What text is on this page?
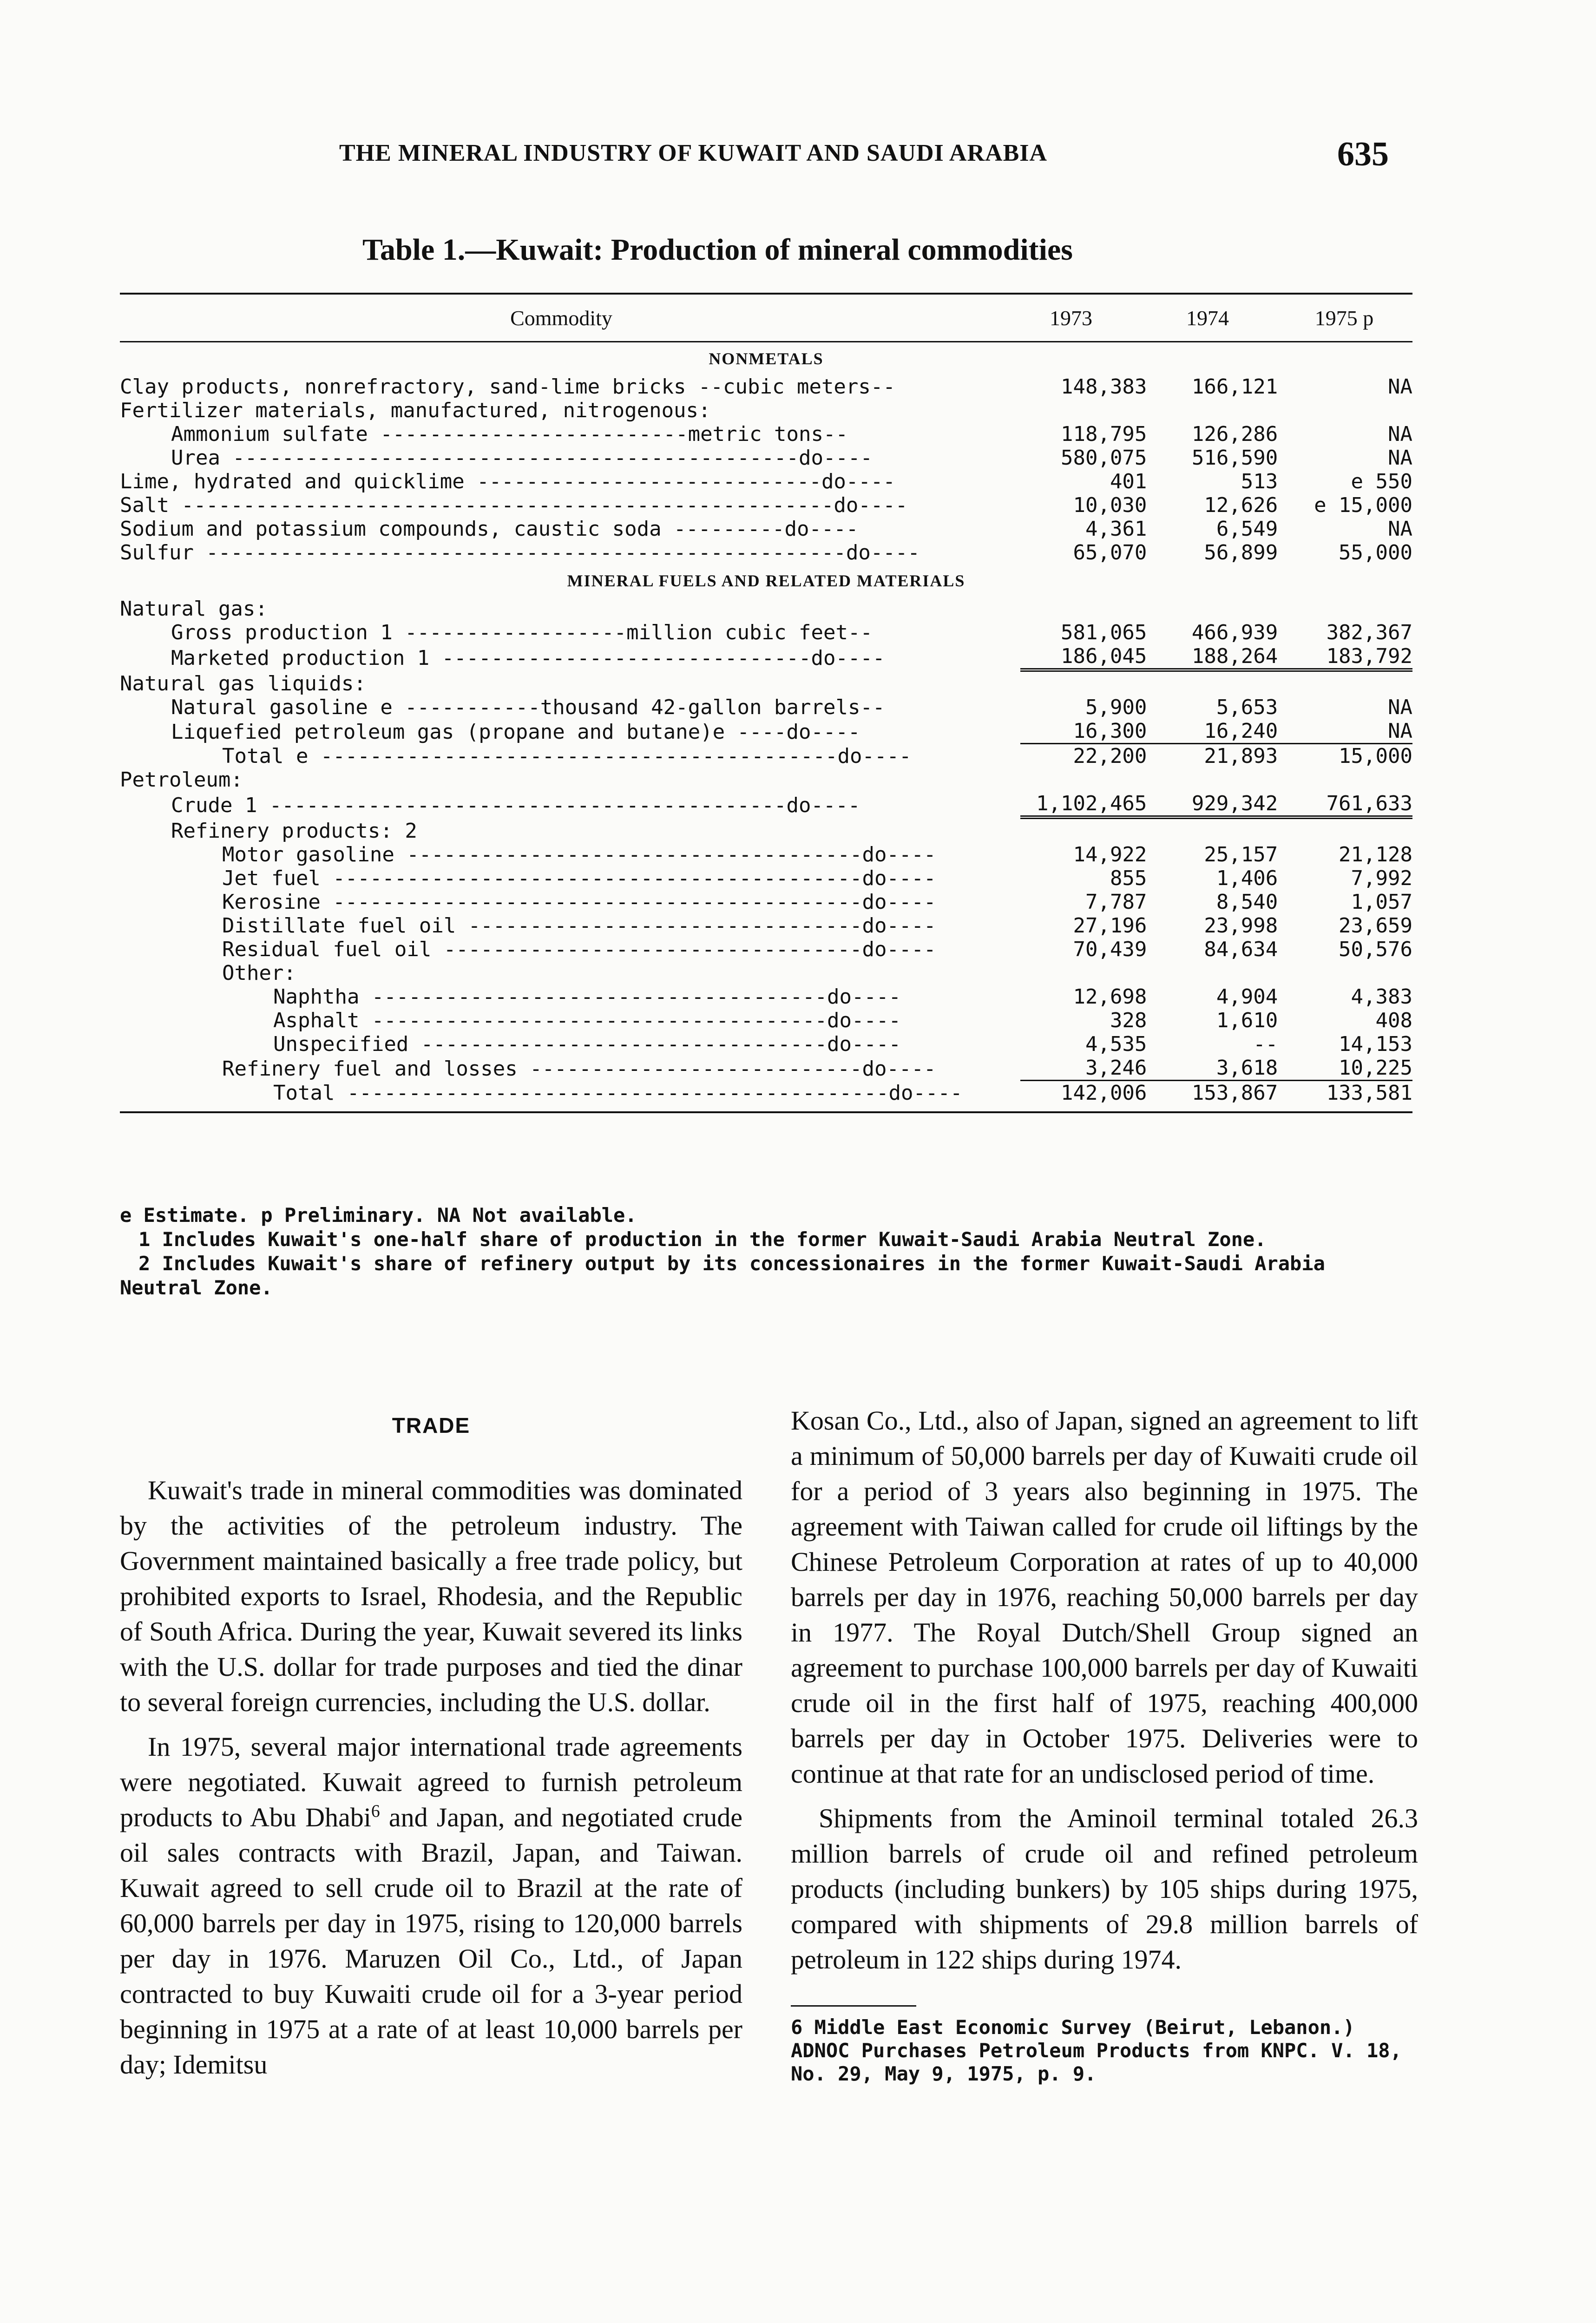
THE MINERAL INDUSTRY OF KUWAIT AND SAUDI ARABIA	635
Table 1.—Kuwait: Production of mineral commodities
Commodity	1973	1974	1975 p
NONMETALS			
Clay products, nonrefractory, sand-lime bricks --cubic meters--	148,383	166,121	NA
Fertilizer materials, manufactured, nitrogenous:			
Ammonium sulfate -------------------------metric tons--	118,795	126,286	NA
Urea ----------------------------------------------do----	580,075	516,590	NA
Lime, hydrated and quicklime ----------------------------do----	401	513	e 550
Salt -----------------------------------------------------do----	10,030	12,626	e 15,000
Sodium and potassium compounds, caustic soda ---------do----	4,361	6,549	NA
Sulfur ----------------------------------------------------do----	65,070	56,899	55,000
MINERAL FUELS AND RELATED MATERIALS			
Natural gas:			
Gross production 1 ------------------million cubic feet--	581,065	466,939	382,367
Marketed production 1 ------------------------------do----	186,045	188,264	183,792
Natural gas liquids:			
Natural gasoline e -----------thousand 42-gallon barrels--	5,900	5,653	NA
Liquefied petroleum gas (propane and butane)e ----do----	16,300	16,240	NA
Total e ------------------------------------------do----	22,200	21,893	15,000
Petroleum:			
Crude 1 ------------------------------------------do----	1,102,465	929,342	761,633
Refinery products: 2			
Motor gasoline -------------------------------------do----	14,922	25,157	21,128
Jet fuel -------------------------------------------do----	855	1,406	7,992
Kerosine -------------------------------------------do----	7,787	8,540	1,057
Distillate fuel oil --------------------------------do----	27,196	23,998	23,659
Residual fuel oil ----------------------------------do----	70,439	84,634	50,576
Other:			
Naphtha -------------------------------------do----	12,698	4,904	4,383
Asphalt -------------------------------------do----	328	1,610	408
Unspecified ---------------------------------do----	4,535	--	14,153
Refinery fuel and losses ---------------------------do----	3,246	3,618	10,225
Total --------------------------------------------do----	142,006	153,867	133,581

e Estimate. p Preliminary. NA Not available.

1 Includes Kuwait's one-half share of production in the former Kuwait-Saudi Arabia Neutral Zone.

2 Includes Kuwait's share of refinery output by its concessionaires in the former Kuwait-Saudi Arabia Neutral Zone.

TRADE

Kuwait's trade in mineral commodities was dominated by the activities of the petroleum industry. The Government maintained basically a free trade policy, but prohibited exports to Israel, Rhodesia, and the Republic of South Africa. During the year, Kuwait severed its links with the U.S. dollar for trade purposes and tied the dinar to several foreign currencies, including the U.S. dollar.

In 1975, several major international trade agreements were negotiated. Kuwait agreed to furnish petroleum products to Abu Dhabi$^6$ and Japan, and negotiated crude oil sales contracts with Brazil, Japan, and Taiwan. Kuwait agreed to sell crude oil to Brazil at the rate of 60,000 barrels per day in 1975, rising to 120,000 barrels per day in 1976. Maruzen Oil Co., Ltd., of Japan contracted to buy Kuwaiti crude oil for a 3-year period beginning in 1975 at a rate of at least 10,000 barrels per day; Idemitsu

Kosan Co., Ltd., also of Japan, signed an agreement to lift a minimum of 50,000 barrels per day of Kuwaiti crude oil for a period of 3 years also beginning in 1975. The agreement with Taiwan called for crude oil liftings by the Chinese Petroleum Corporation at rates of up to 40,000 barrels per day in 1976, reaching 50,000 barrels per day in 1977. The Royal Dutch/Shell Group signed an agreement to purchase 100,000 barrels per day of Kuwaiti crude oil in the first half of 1975, reaching 400,000 barrels per day in October 1975. Deliveries were to continue at that rate for an undisclosed period of time.

Shipments from the Aminoil terminal totaled 26.3 million barrels of crude oil and refined petroleum products (including bunkers) by 105 ships during 1975, compared with shipments of 29.8 million barrels of petroleum in 122 ships during 1974.

6 Middle East Economic Survey (Beirut, Lebanon.) ADNOC Purchases Petroleum Products from KNPC. V. 18, No. 29, May 9, 1975, p. 9.
